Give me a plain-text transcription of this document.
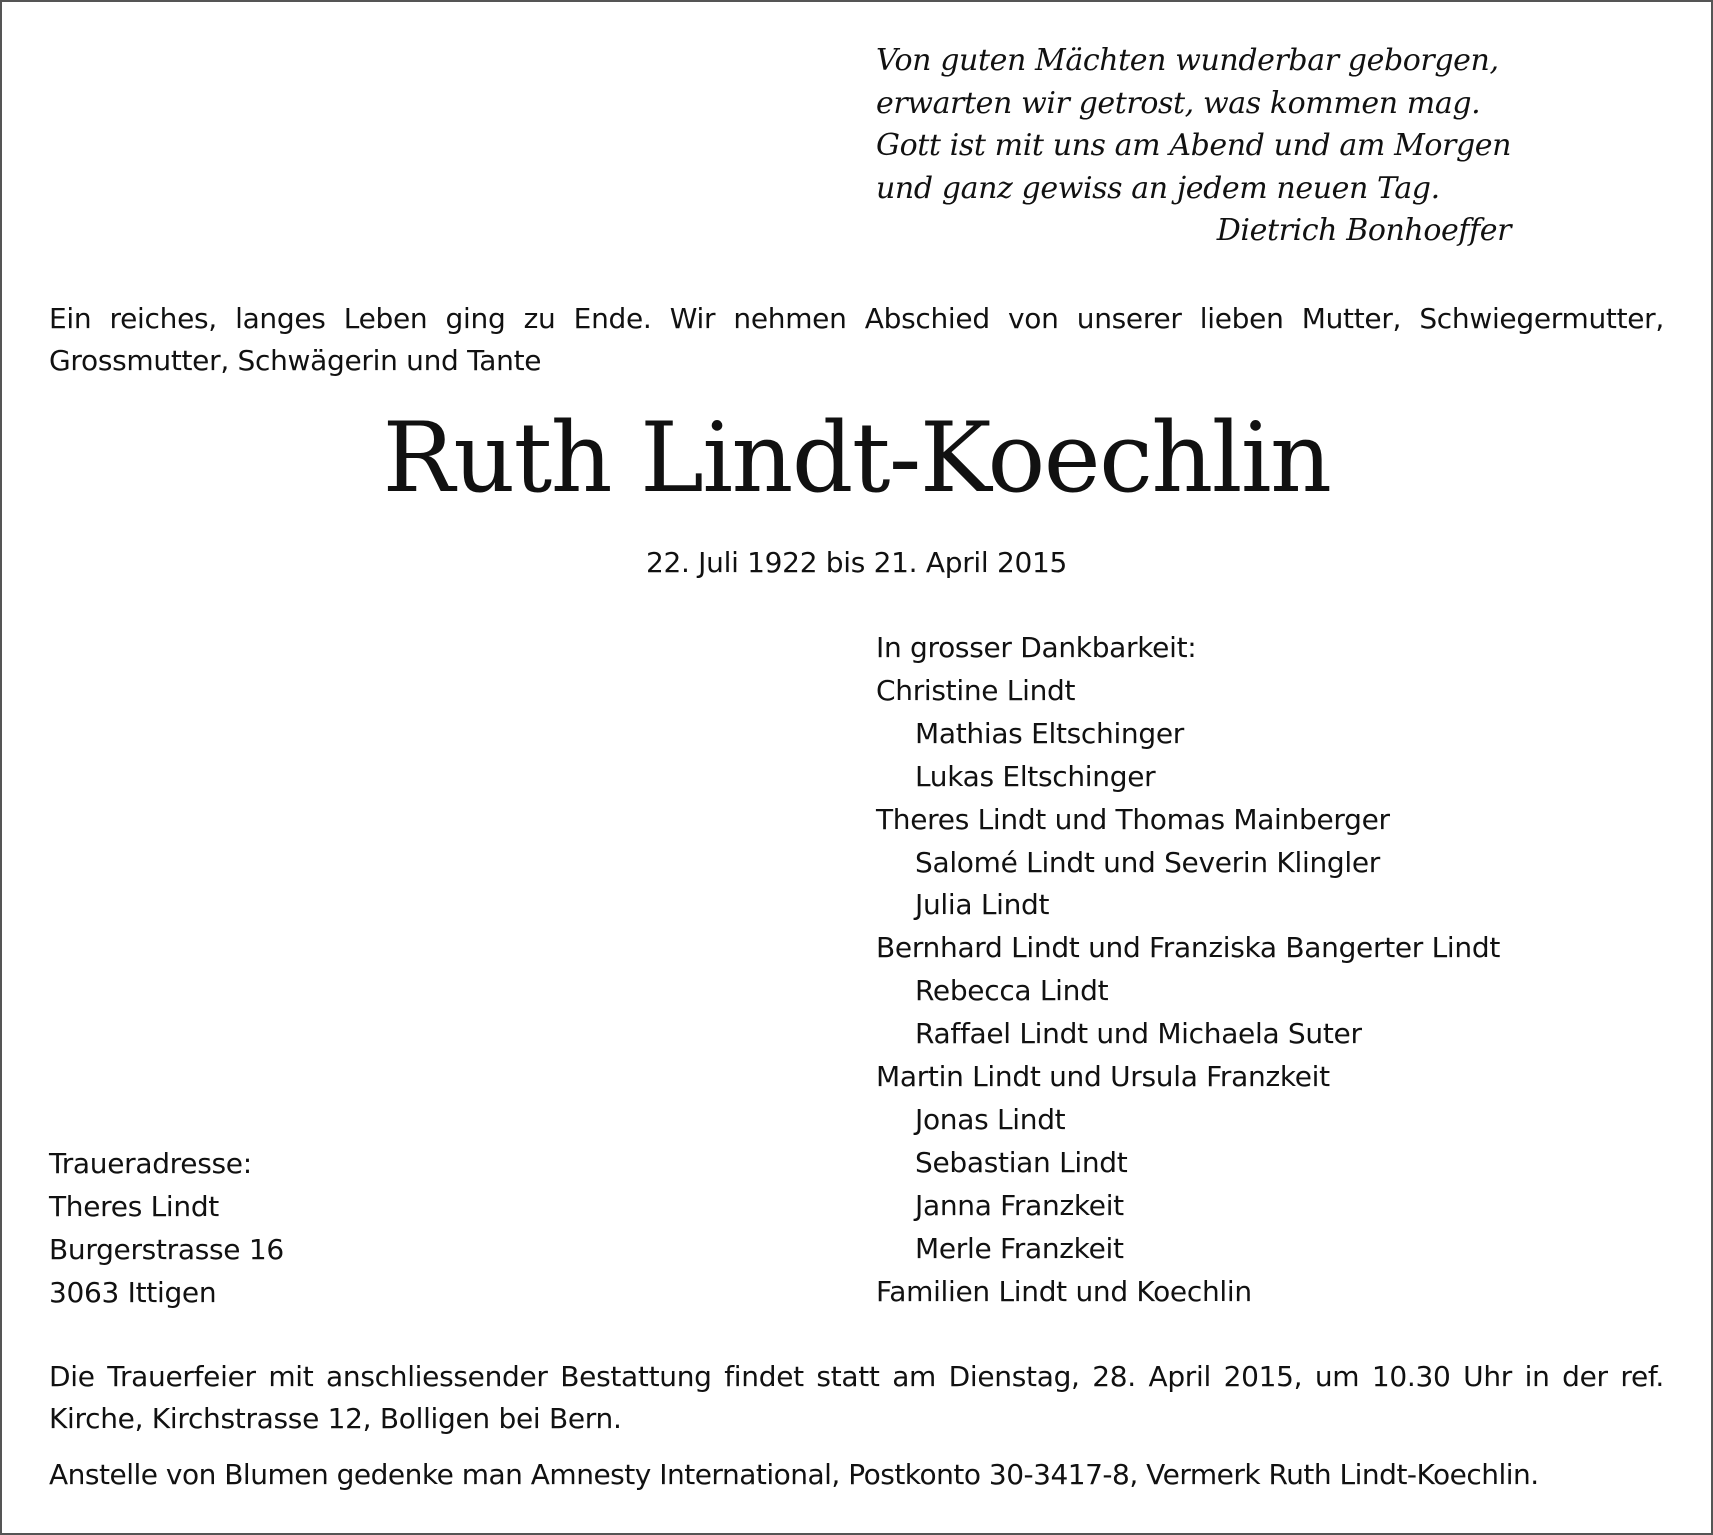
Von guten Mächten wunderbar geborgen,
erwarten wir getrost, was kommen mag.
Gott ist mit uns am Abend und am Morgen
und ganz gewiss an jedem neuen Tag.
Dietrich Bonhoeffer
Ein reiches, langes Leben ging zu Ende. Wir nehmen Abschied von unserer lieben Mutter, Schwiegermutter, Grossmutter, Schwägerin und Tante
Ruth Lindt-Koechlin
22. Juli 1922 bis 21. April 2015
In grosser Dankbarkeit:
Christine Lindt
Mathias Eltschinger
Lukas Eltschinger
Theres Lindt und Thomas Mainberger
Salomé Lindt und Severin Klingler
Julia Lindt
Bernhard Lindt und Franziska Bangerter Lindt
Rebecca Lindt
Raffael Lindt und Michaela Suter
Martin Lindt und Ursula Franzkeit
Jonas Lindt
Sebastian Lindt
Janna Franzkeit
Merle Franzkeit
Familien Lindt und Koechlin
Traueradresse:
Theres Lindt
Burgerstrasse 16
3063 Ittigen
Die Trauerfeier mit anschliessender Bestattung findet statt am Dienstag, 28. April 2015, um 10.30 Uhr in der ref. Kirche, Kirchstrasse 12, Bolligen bei Bern.
Anstelle von Blumen gedenke man Amnesty International, Postkonto 30-3417-8, Vermerk Ruth Lindt-Koechlin.
